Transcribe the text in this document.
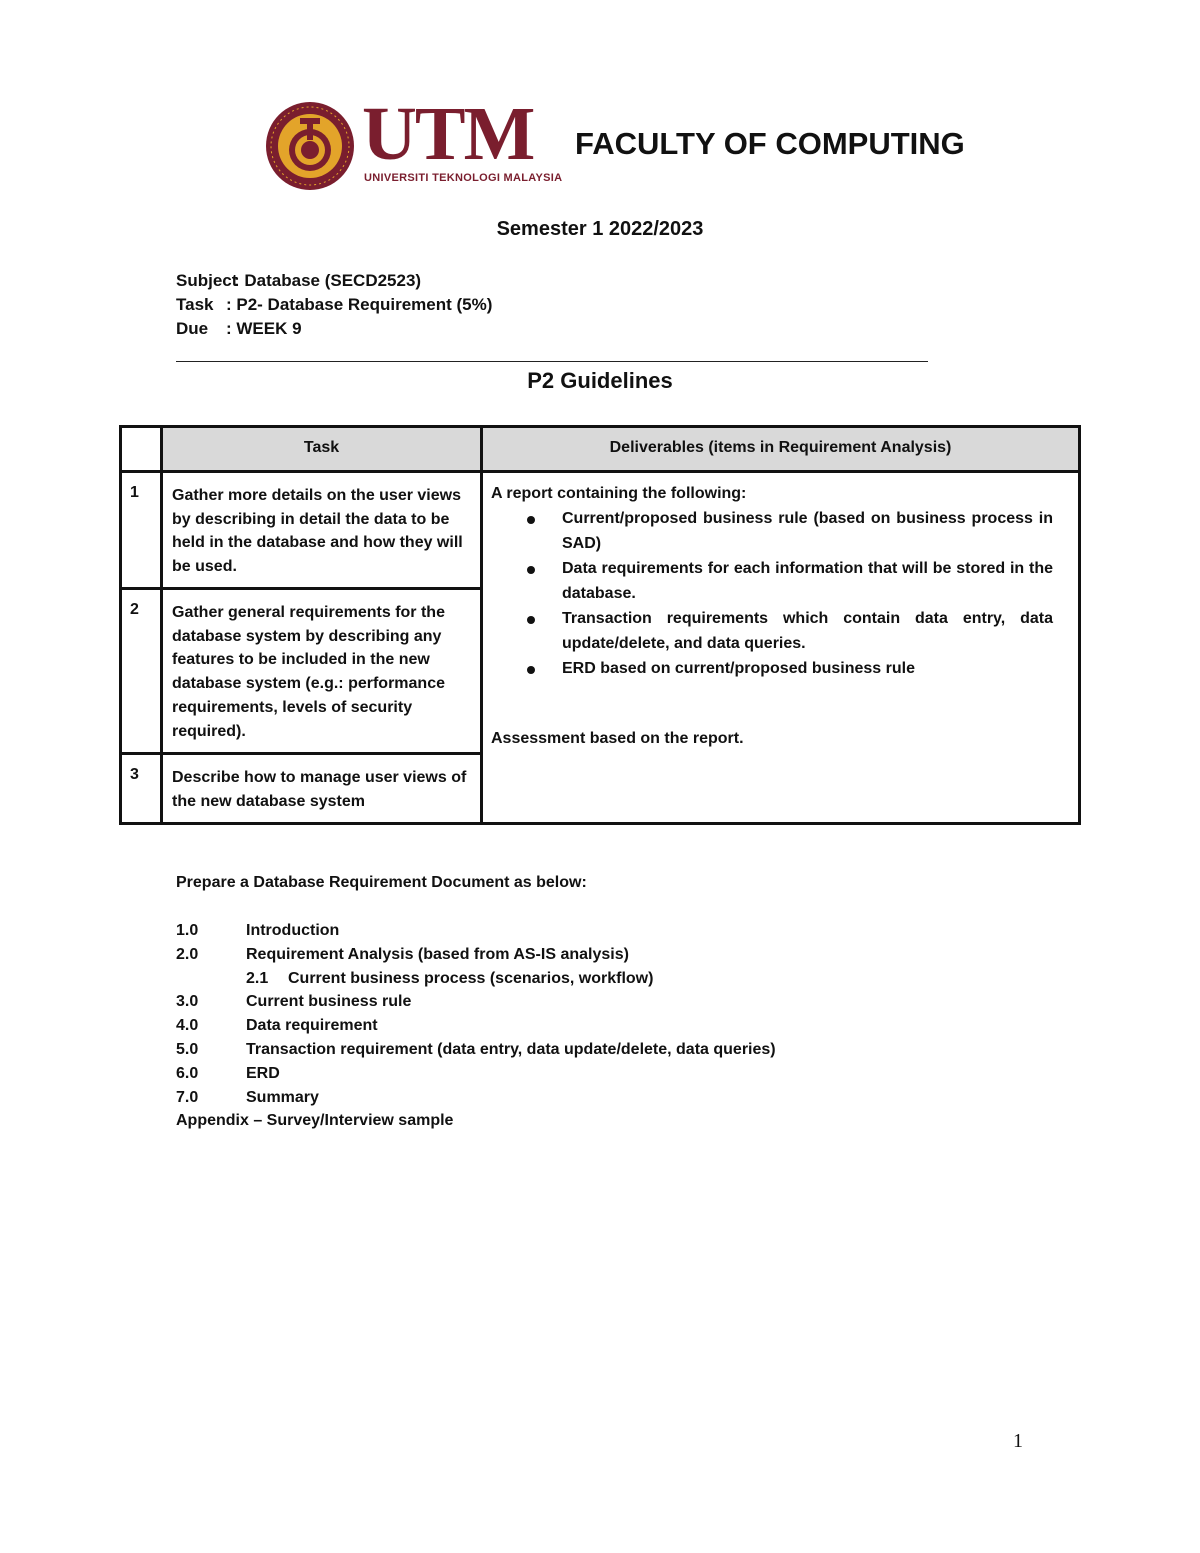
UTM
UNIVERSITI TEKNOLOGI MALAYSIA
FACULTY OF COMPUTING
Semester 1 2022/2023
Subject: Database (SECD2523)
Task : P2- Database Requirement (5%)
Due : WEEK 9
P2 Guidelines
Task	Deliverables (items in Requirement Analysis)
1 Gather more details on the user views by describing in detail the data to be held in the database and how they will be used.
2 Gather general requirements for the database system by describing any features to be included in the new database system (e.g.: performance requirements, levels of security required).
3 Describe how to manage user views of the new database system
A report containing the following:
Current/proposed business rule (based on business process in SAD)
Data requirements for each information that will be stored in the database.
Transaction requirements which contain data entry, data update/delete, and data queries.
ERD based on current/proposed business rule
Assessment based on the report.
Prepare a Database Requirement Document as below:
1.0	Introduction
2.0	Requirement Analysis (based from AS-IS analysis)
2.1 Current business process (scenarios, workflow)
3.0	Current business rule
4.0	Data requirement
5.0	Transaction requirement (data entry, data update/delete, data queries)
6.0	ERD
7.0	Summary
Appendix – Survey/Interview sample
1
